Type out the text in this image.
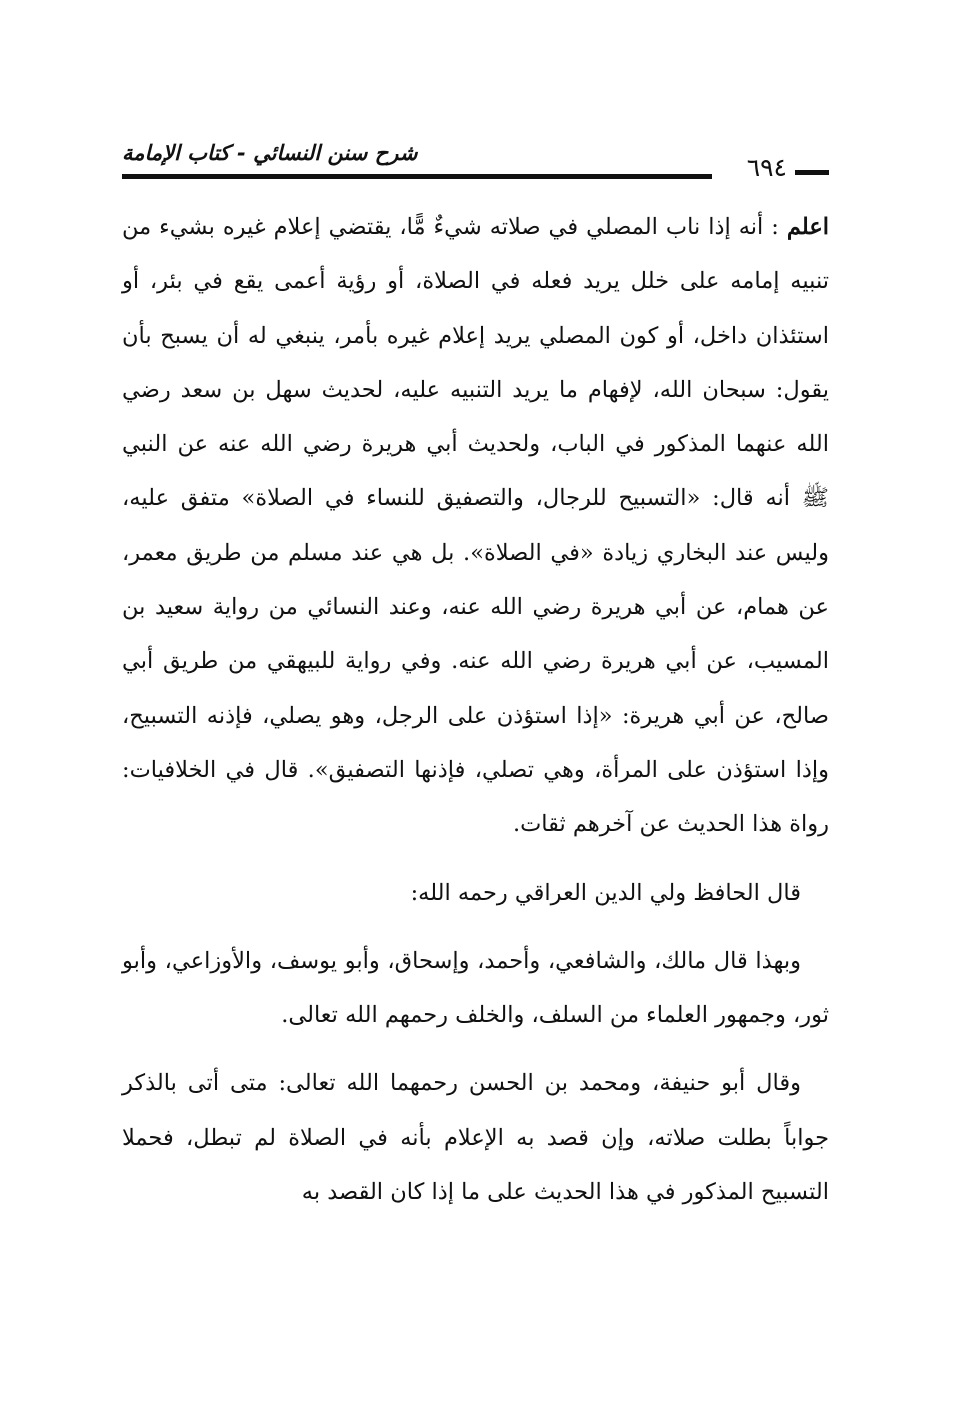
شرح سنن النسائي - كتاب الإمامة	٦٩٤

اعلم : أنه إذا ناب المصلي في صلاته شيءٌ مًّا، يقتضي إعلام غيره بشيء من تنبيه إمامه على خلل يريد فعله في الصلاة، أو رؤية أعمى يقع في بئر، أو استئذان داخل، أو كون المصلي يريد إعلام غيره بأمر، ينبغي له أن يسبح بأن يقول: سبحان الله، لإفهام ما يريد التنبيه عليه، لحديث سهل بن سعد رضي الله عنهما المذكور في الباب، ولحديث أبي هريرة رضي الله عنه عن النبي ﷺ أنه قال: «التسبيح للرجال، والتصفيق للنساء في الصلاة» متفق عليه، وليس عند البخاري زيادة «في الصلاة». بل هي عند مسلم من طريق معمر، عن همام، عن أبي هريرة رضي الله عنه، وعند النسائي من رواية سعيد بن المسيب، عن أبي هريرة رضي الله عنه. وفي رواية للبيهقي من طريق أبي صالح، عن أبي هريرة: «إذا استؤذن على الرجل، وهو يصلي، فإذنه التسبيح، وإذا استؤذن على المرأة، وهي تصلي، فإذنها التصفيق». قال في الخلافيات: رواة هذا الحديث عن آخرهم ثقات.

قال الحافظ ولي الدين العراقي رحمه الله:

وبهذا قال مالك، والشافعي، وأحمد، وإسحاق، وأبو يوسف، والأوزاعي، وأبو ثور، وجمهور العلماء من السلف، والخلف رحمهم الله تعالى.

وقال أبو حنيفة، ومحمد بن الحسن رحمهما الله تعالى: متى أتى بالذكر جواباً بطلت صلاته، وإن قصد به الإعلام بأنه في الصلاة لم تبطل، فحملا التسبيح المذكور في هذا الحديث على ما إذا كان القصد به
